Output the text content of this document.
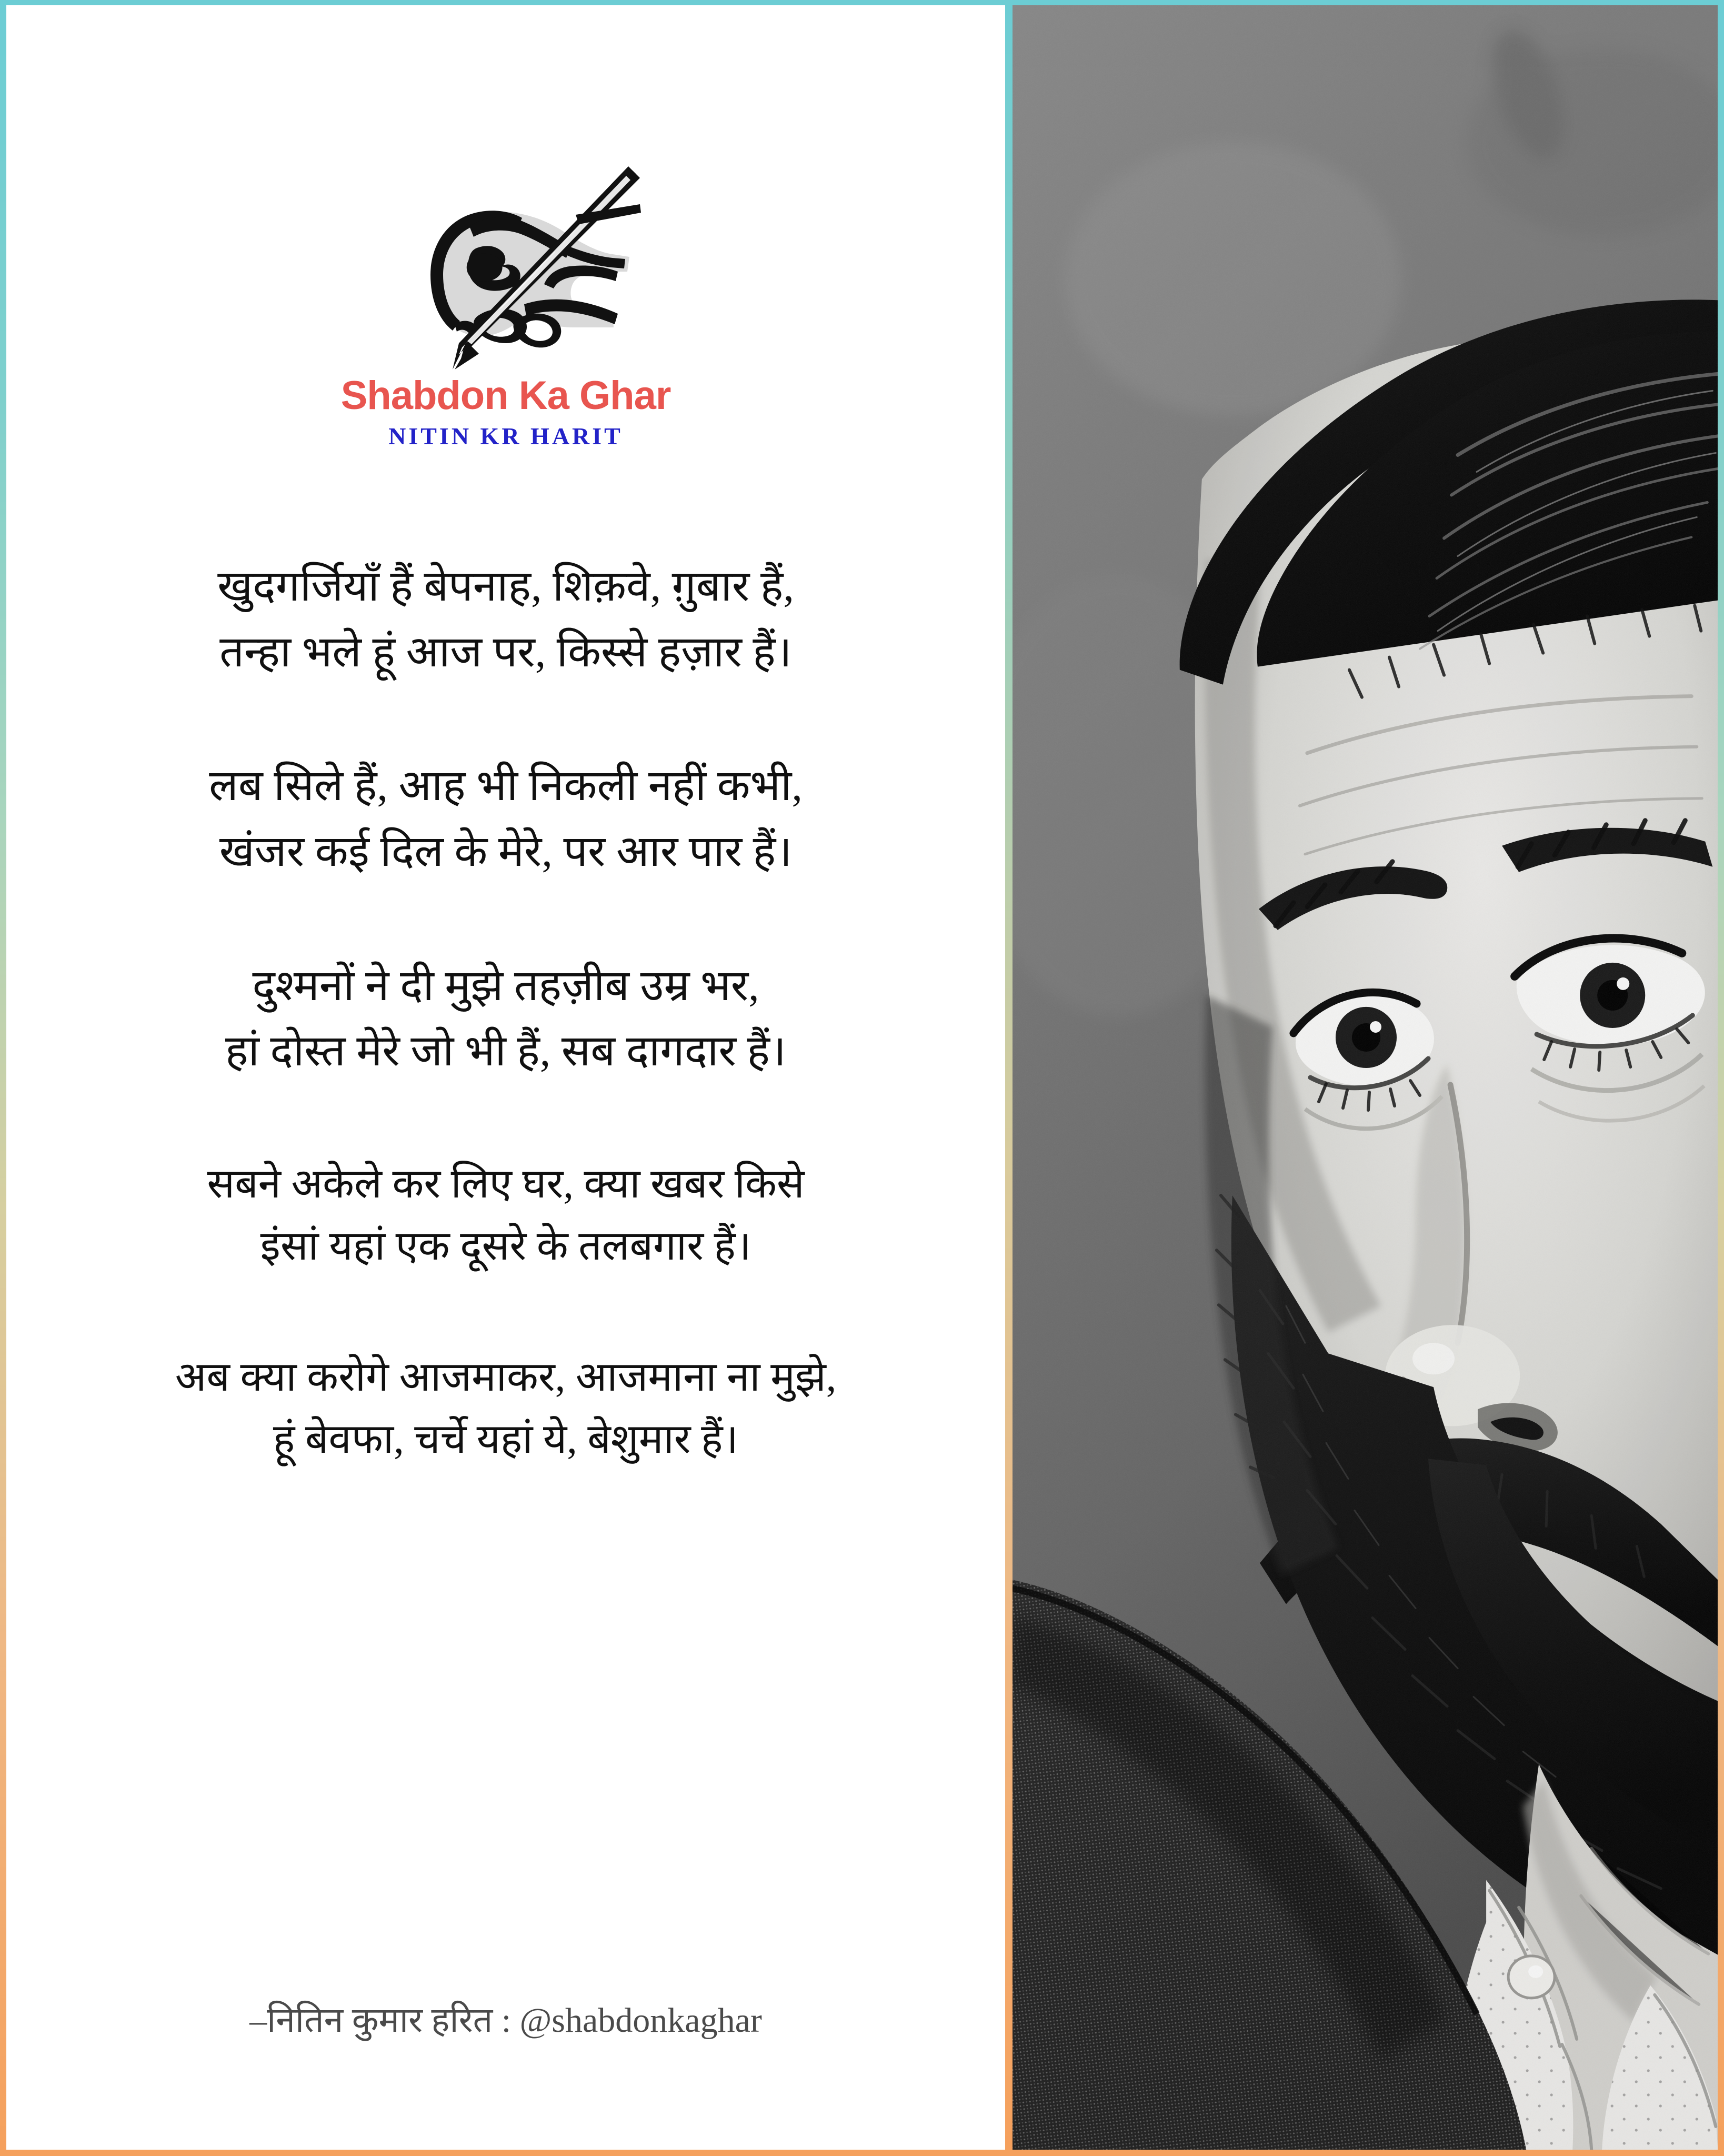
Shabdon Ka Ghar
NITIN KR HARIT
खुदगर्जियाँ हैं बेपनाह, शिक़वे, ग़ुबार हैं,
तन्हा भले हूं आज पर, किस्से हज़ार हैं।
लब सिले हैं, आह भी निकली नहीं कभी,
खंजर कई दिल के मेरे, पर आर पार हैं।
दुश्मनों ने दी मुझे तहज़ीब उम्र भर,
हां दोस्त मेरे जो भी हैं, सब दागदार हैं।
सबने अकेले कर लिए घर, क्या खबर किसे
इंसां यहां एक दूसरे के तलबगार हैं।
अब क्या करोगे आजमाकर, आजमाना ना मुझे,
हूं बेवफा, चर्चे यहां ये, बेशुमार हैं।
–नितिन कुमार हरित : @shabdonkaghar
